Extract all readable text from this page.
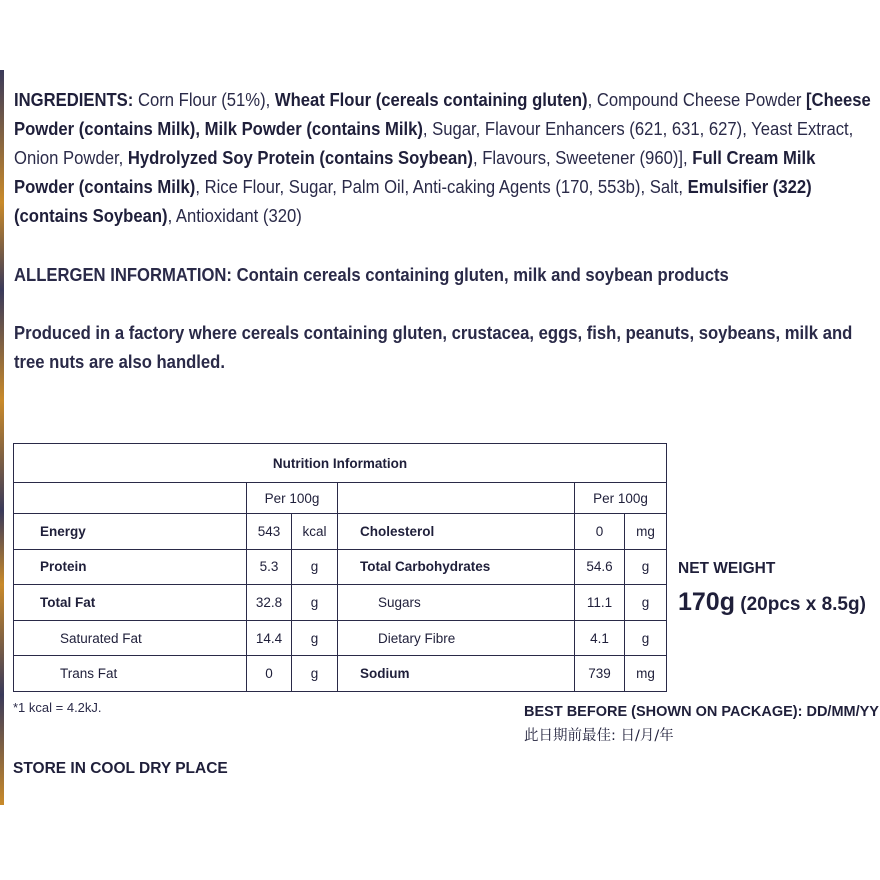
INGREDIENTS: Corn Flour (51%), Wheat Flour (cereals containing gluten), Compound Cheese Powder [Cheese Powder (contains Milk), Milk Powder (contains Milk), Sugar, Flavour Enhancers (621, 631, 627), Yeast Extract, Onion Powder, Hydrolyzed Soy Protein (contains Soybean), Flavours, Sweetener (960)], Full Cream Milk Powder (contains Milk), Rice Flour, Sugar, Palm Oil, Anti-caking Agents (170, 553b), Salt, Emulsifier (322) (contains Soybean), Antioxidant (320)
ALLERGEN INFORMATION: Contain cereals containing gluten, milk and soybean products
Produced in a factory where cereals containing gluten, crustacea, eggs, fish, peanuts, soybeans, milk and tree nuts are also handled.
Nutrition Information					
	Per 100g			Per 100g	
Energy	543	kcal	Cholesterol	0	mg
Protein	5.3	g	Total Carbohydrates	54.6	g
Total Fat	32.8	g	Sugars	11.1	g
Saturated Fat	14.4	g	Dietary Fibre	4.1	g
Trans Fat	0	g	Sodium	739	mg
*1 kcal = 4.2kJ.
STORE IN COOL DRY PLACE
NET WEIGHT
170g (20pcs x 8.5g)
BEST BEFORE (SHOWN ON PACKAGE): DD/MM/YY
此日期前最佳: 日/月/年
